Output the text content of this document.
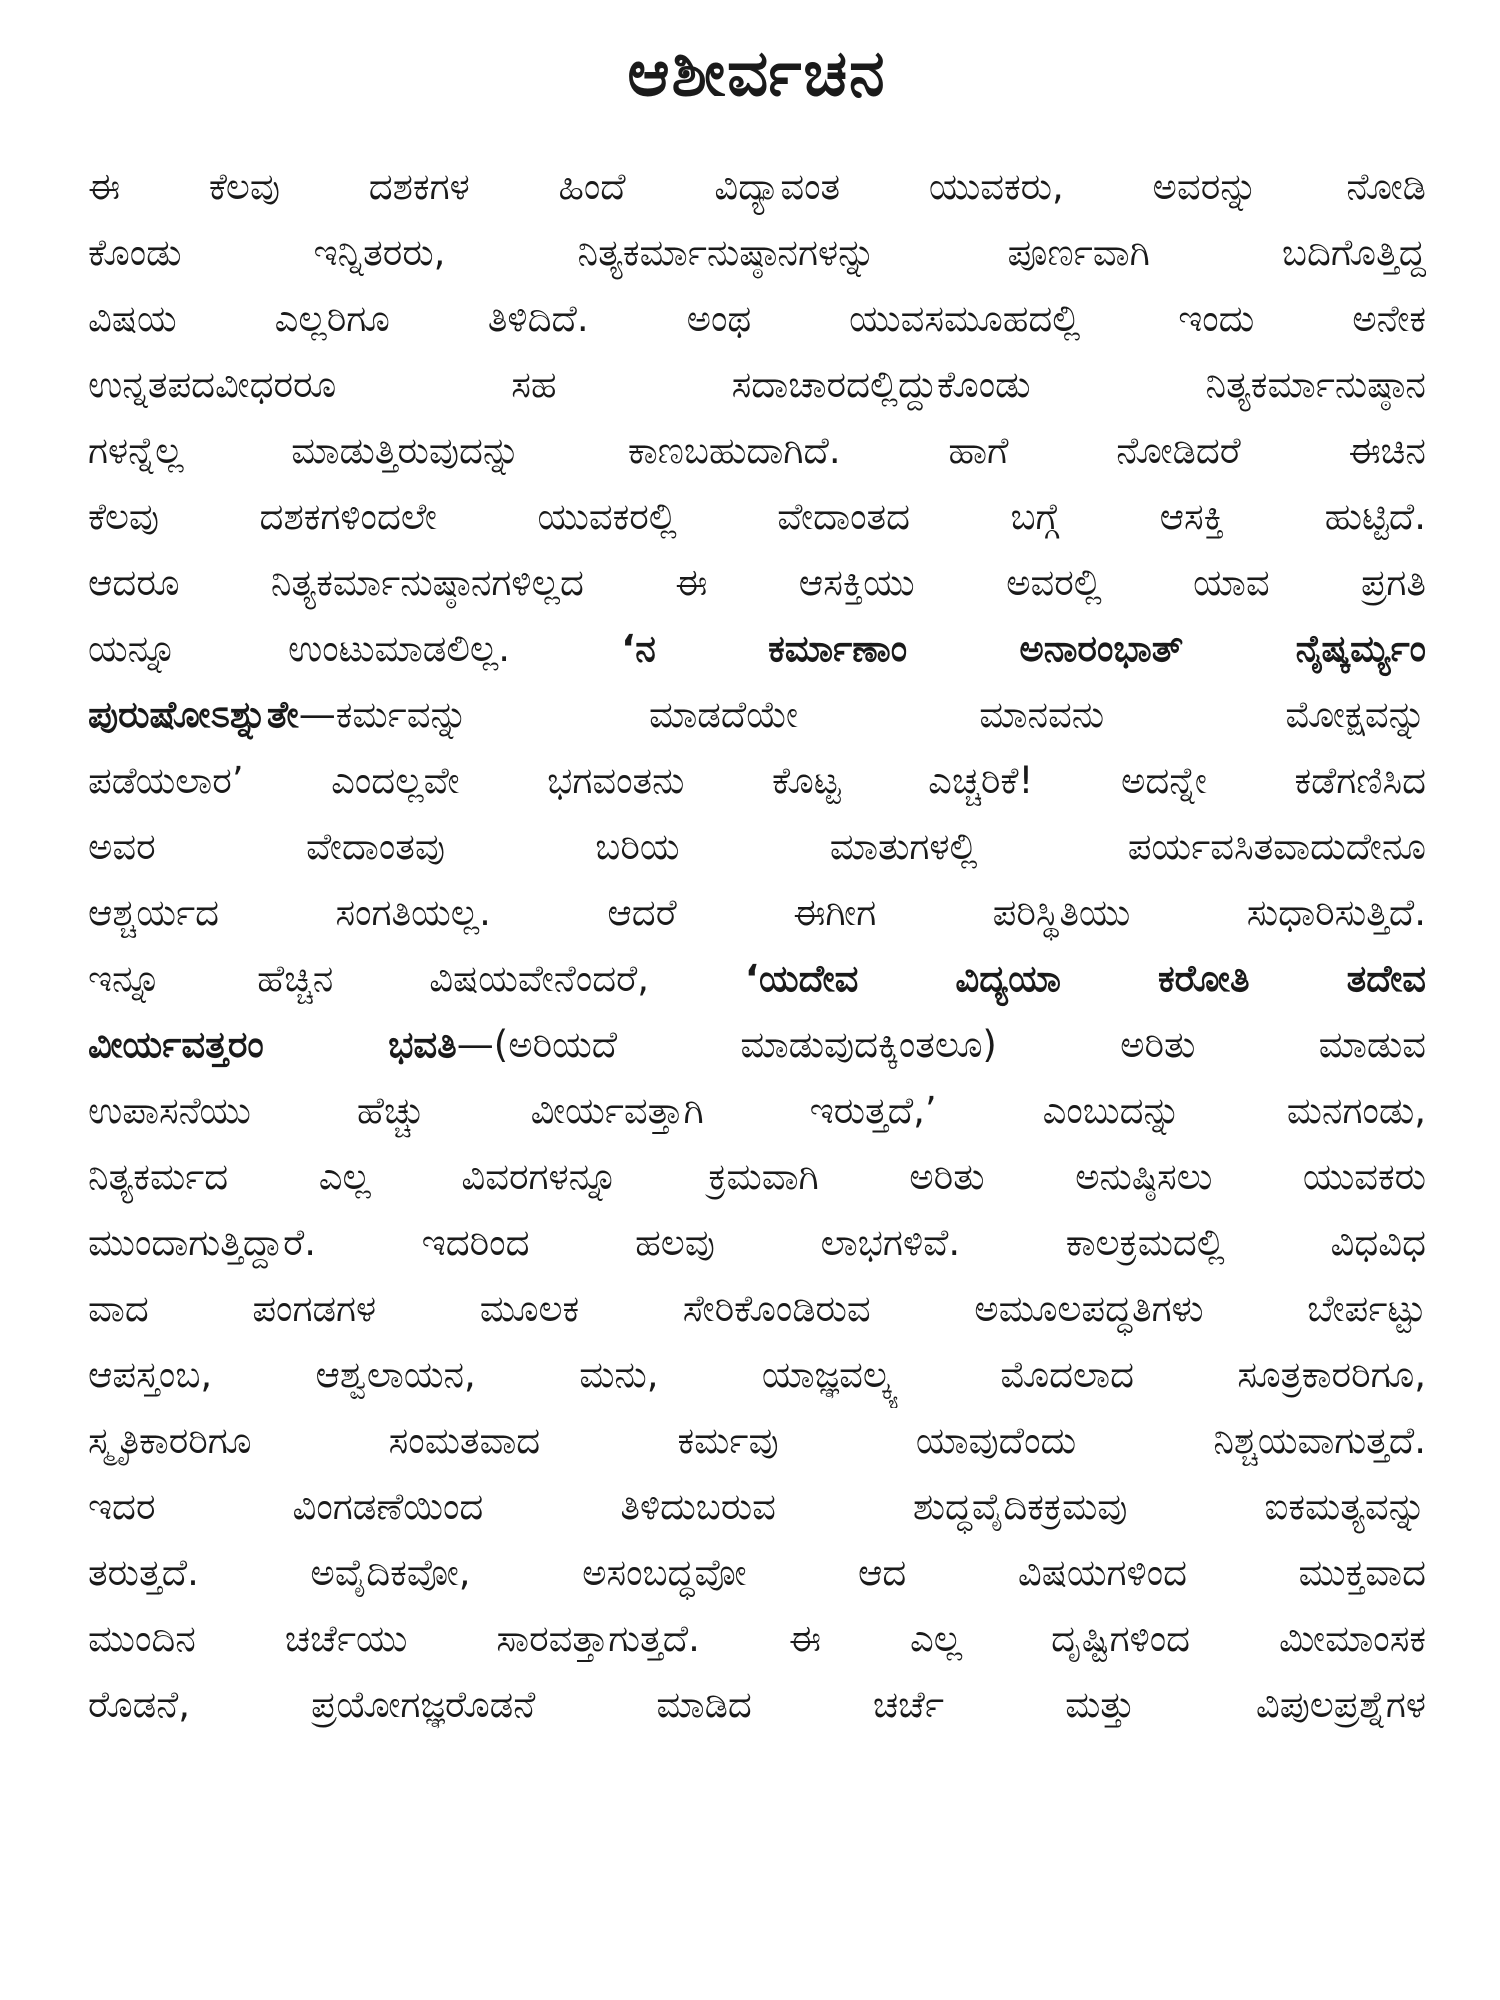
ಆಶೀರ್ವಚನ
ಈ ಕೆಲವು ದಶಕಗಳ ಹಿಂದೆ ವಿದ್ಯಾವಂತ ಯುವಕರು, ಅವರನ್ನು ನೋಡಿ
ಕೊಂಡು ಇನ್ನಿತರರು, ನಿತ್ಯಕರ್ಮಾನುಷ್ಠಾನಗಳನ್ನು ಪೂರ್ಣವಾಗಿ ಬದಿಗೊತ್ತಿದ್ದ
ವಿಷಯ ಎಲ್ಲರಿಗೂ ತಿಳಿದಿದೆ. ಅಂಥ ಯುವಸಮೂಹದಲ್ಲಿ ಇಂದು ಅನೇಕ
ಉನ್ನತಪದವೀಧರರೂ ಸಹ ಸದಾಚಾರದಲ್ಲಿದ್ದುಕೊಂಡು ನಿತ್ಯಕರ್ಮಾನುಷ್ಠಾನ
ಗಳನ್ನೆಲ್ಲ ಮಾಡುತ್ತಿರುವುದನ್ನು ಕಾಣಬಹುದಾಗಿದೆ. ಹಾಗೆ ನೋಡಿದರೆ ಈಚಿನ
ಕೆಲವು ದಶಕಗಳಿಂದಲೇ ಯುವಕರಲ್ಲಿ ವೇದಾಂತದ ಬಗ್ಗೆ ಆಸಕ್ತಿ ಹುಟ್ಟಿದೆ.
ಆದರೂ ನಿತ್ಯಕರ್ಮಾನುಷ್ಠಾನಗಳಿಲ್ಲದ ಈ ಆಸಕ್ತಿಯು ಅವರಲ್ಲಿ ಯಾವ ಪ್ರಗತಿ
ಯನ್ನೂ ಉಂಟುಮಾಡಲಿಲ್ಲ. ‘ನ ಕರ್ಮಾಣಾಂ ಅನಾರಂಭಾತ್ ನೈಷ್ಕರ್ಮ್ಯಂ
ಪುರುಷೋಽಶ್ನುತೇ—ಕರ್ಮವನ್ನು ಮಾಡದೆಯೇ ಮಾನವನು ಮೋಕ್ಷವನ್ನು
ಪಡೆಯಲಾರ’ ಎಂದಲ್ಲವೇ ಭಗವಂತನು ಕೊಟ್ಟ ಎಚ್ಚರಿಕೆ! ಅದನ್ನೇ ಕಡೆಗಣಿಸಿದ
ಅವರ ವೇದಾಂತವು ಬರಿಯ ಮಾತುಗಳಲ್ಲಿ ಪರ್ಯವಸಿತವಾದುದೇನೂ
ಆಶ್ಚರ್ಯದ ಸಂಗತಿಯಲ್ಲ. ಆದರೆ ಈಗೀಗ ಪರಿಸ್ಥಿತಿಯು ಸುಧಾರಿಸುತ್ತಿದೆ.
ಇನ್ನೂ ಹೆಚ್ಚಿನ ವಿಷಯವೇನೆಂದರೆ, ‘ಯದೇವ ವಿದ್ಯಯಾ ಕರೋತಿ ತದೇವ
ವೀರ್ಯವತ್ತರಂ ಭವತಿ—(ಅರಿಯದೆ ಮಾಡುವುದಕ್ಕಿಂತಲೂ) ಅರಿತು ಮಾಡುವ
ಉಪಾಸನೆಯು ಹೆಚ್ಚು ವೀರ್ಯವತ್ತಾಗಿ ಇರುತ್ತದೆ,’ ಎಂಬುದನ್ನು ಮನಗಂಡು,
ನಿತ್ಯಕರ್ಮದ ಎಲ್ಲ ವಿವರಗಳನ್ನೂ ಕ್ರಮವಾಗಿ ಅರಿತು ಅನುಷ್ಠಿಸಲು ಯುವಕರು
ಮುಂದಾಗುತ್ತಿದ್ದಾರೆ. ಇದರಿಂದ ಹಲವು ಲಾಭಗಳಿವೆ. ಕಾಲಕ್ರಮದಲ್ಲಿ ವಿಧವಿಧ
ವಾದ ಪಂಗಡಗಳ ಮೂಲಕ ಸೇರಿಕೊಂಡಿರುವ ಅಮೂಲಪದ್ಧತಿಗಳು ಬೇರ್ಪಟ್ಟು
ಆಪಸ್ತಂಬ, ಆಶ್ವಲಾಯನ, ಮನು, ಯಾಜ್ಞವಲ್ಕ್ಯ ಮೊದಲಾದ ಸೂತ್ರಕಾರರಿಗೂ,
ಸ್ಮೃತಿಕಾರರಿಗೂ ಸಂಮತವಾದ ಕರ್ಮವು ಯಾವುದೆಂದು ನಿಶ್ಚಯವಾಗುತ್ತದೆ.
ಇದರ ವಿಂಗಡಣೆಯಿಂದ ತಿಳಿದುಬರುವ ಶುದ್ಧವೈದಿಕಕ್ರಮವು ಐಕಮತ್ಯವನ್ನು
ತರುತ್ತದೆ. ಅವೈದಿಕವೋ, ಅಸಂಬದ್ಧವೋ ಆದ ವಿಷಯಗಳಿಂದ ಮುಕ್ತವಾದ
ಮುಂದಿನ ಚರ್ಚೆಯು ಸಾರವತ್ತಾಗುತ್ತದೆ. ಈ ಎಲ್ಲ ದೃಷ್ಟಿಗಳಿಂದ ಮೀಮಾಂಸಕ
ರೊಡನೆ, ಪ್ರಯೋಗಜ್ಞರೊಡನೆ ಮಾಡಿದ ಚರ್ಚೆ ಮತ್ತು ವಿಪುಲಪ್ರಶ್ನೆಗಳ
